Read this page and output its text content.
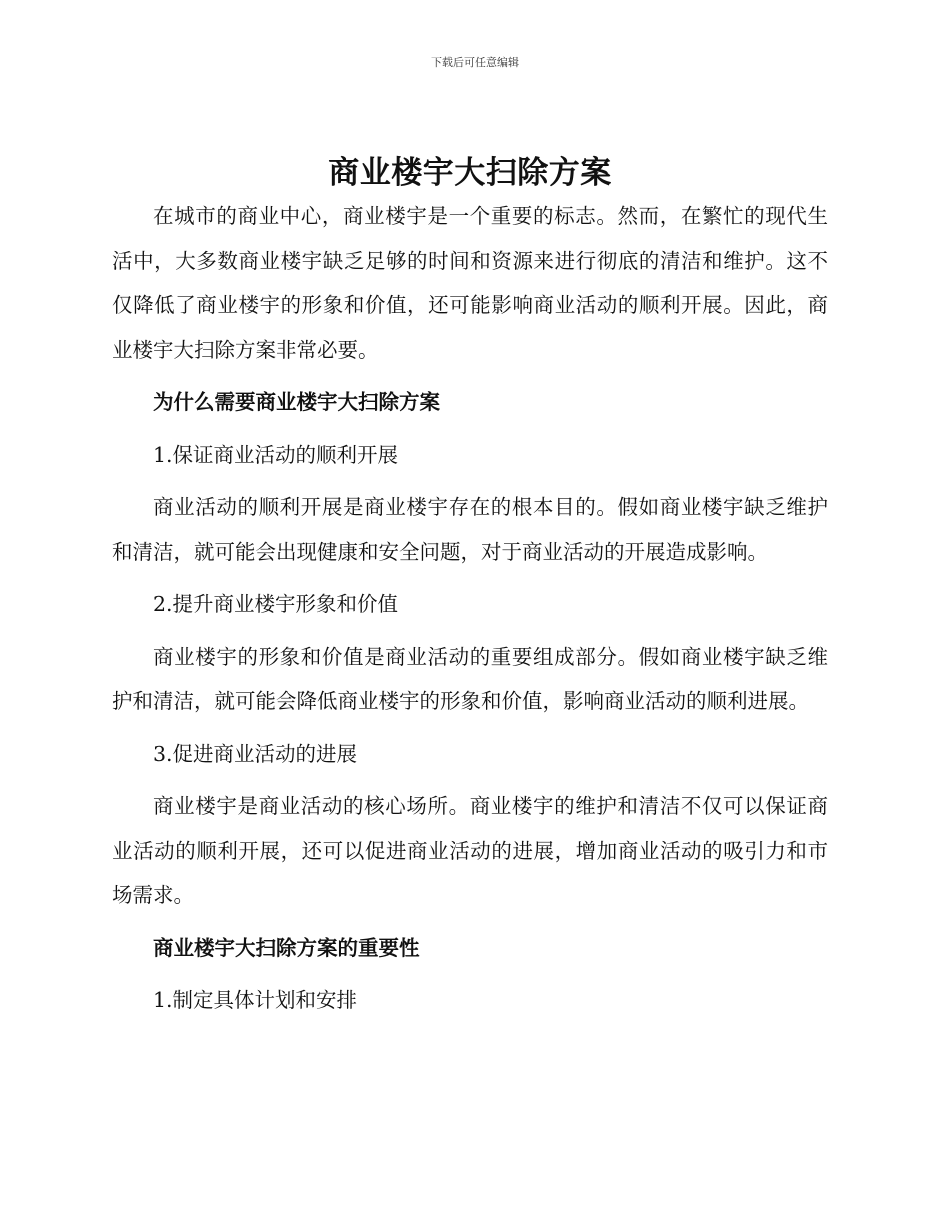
下载后可任意编辑
商业楼宇大扫除方案

在城市的商业中心，商业楼宇是一个重要的标志。然而，在繁忙的现代生活中，大多数商业楼宇缺乏足够的时间和资源来进行彻底的清洁和维护。这不仅降低了商业楼宇的形象和价值，还可能影响商业活动的顺利开展。因此，商业楼宇大扫除方案非常必要。

为什么需要商业楼宇大扫除方案

1.保证商业活动的顺利开展

商业活动的顺利开展是商业楼宇存在的根本目的。假如商业楼宇缺乏维护和清洁，就可能会出现健康和安全问题，对于商业活动的开展造成影响。

2.提升商业楼宇形象和价值

商业楼宇的形象和价值是商业活动的重要组成部分。假如商业楼宇缺乏维护和清洁，就可能会降低商业楼宇的形象和价值，影响商业活动的顺利进展。

3.促进商业活动的进展

商业楼宇是商业活动的核心场所。商业楼宇的维护和清洁不仅可以保证商业活动的顺利开展，还可以促进商业活动的进展，增加商业活动的吸引力和市场需求。

商业楼宇大扫除方案的重要性

1.制定具体计划和安排
